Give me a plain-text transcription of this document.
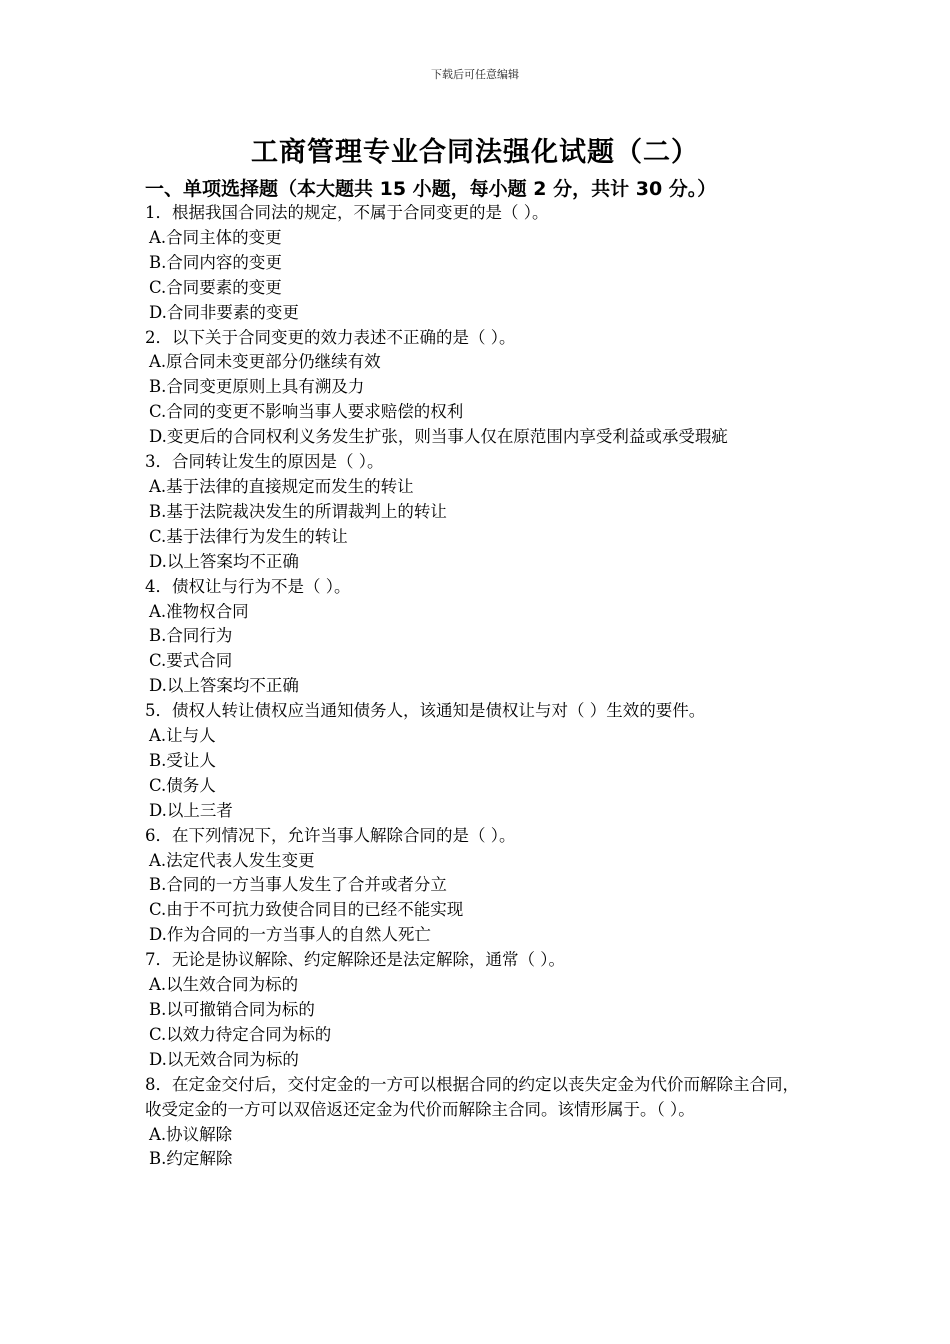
下载后可任意编辑
工商管理专业合同法强化试题（二）
一、单项选择题（本大题共 15 小题，每小题 2 分，共计 30 分。）

1．根据我国合同法的规定，不属于合同变更的是（ ）。

A.合同主体的变更

B.合同内容的变更

C.合同要素的变更

D.合同非要素的变更

2．以下关于合同变更的效力表述不正确的是（ ）。

A.原合同未变更部分仍继续有效

B.合同变更原则上具有溯及力

C.合同的变更不影响当事人要求赔偿的权利

D.变更后的合同权利义务发生扩张，则当事人仅在原范围内享受利益或承受瑕疵

3．合同转让发生的原因是（ ）。

A.基于法律的直接规定而发生的转让

B.基于法院裁决发生的所谓裁判上的转让

C.基于法律行为发生的转让

D.以上答案均不正确

4．债权让与行为不是（ ）。

A.准物权合同

B.合同行为

C.要式合同

D.以上答案均不正确

5．债权人转让债权应当通知债务人，该通知是债权让与对（ ）生效的要件。

A.让与人

B.受让人

C.债务人

D.以上三者

6．在下列情况下，允许当事人解除合同的是（ ）。

A.法定代表人发生变更

B.合同的一方当事人发生了合并或者分立

C.由于不可抗力致使合同目的已经不能实现

D.作为合同的一方当事人的自然人死亡

7．无论是协议解除、约定解除还是法定解除，通常（ ）。

A.以生效合同为标的

B.以可撤销合同为标的

C.以效力待定合同为标的

D.以无效合同为标的

8．在定金交付后，交付定金的一方可以根据合同的约定以丧失定金为代价而解除主合同，收受定金的一方可以双倍返还定金为代价而解除主合同。该情形属于。（ ）。

A.协议解除

B.约定解除
